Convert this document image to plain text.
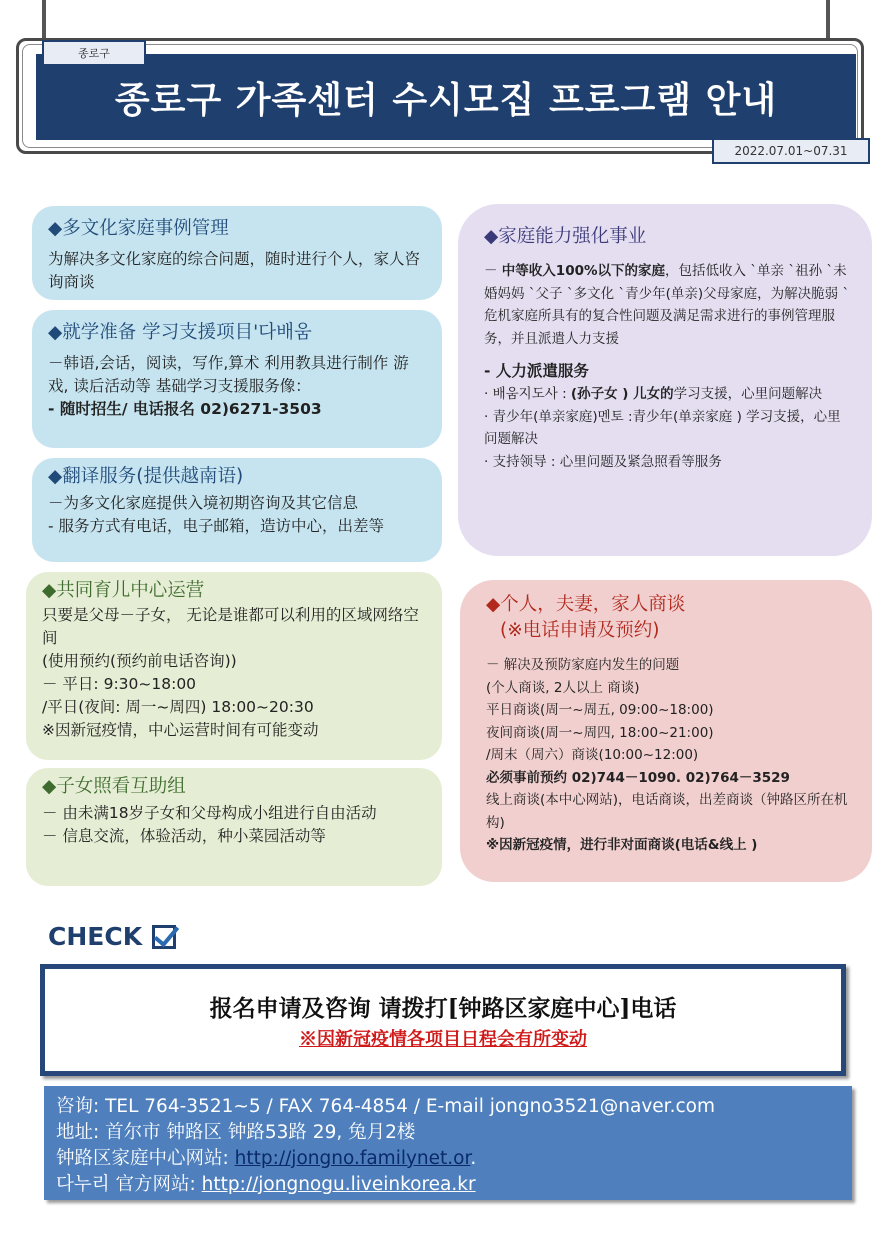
종로구 가족센터 수시모집 프로그램 안내
종로구
2022.07.01~07.31
◆多文化家庭事例管理

为解决多文化家庭的综合问题，随时进行个人，家人咨询商谈

◆就学准备 学习支援项目'다배움

－韩语,会话，阅读，写作,算术 利用教具进行制作 游戏, 读后活动等 基础学习支援服务像：

- 随时招生/ 电话报名 02)6271-3503

◆翻译服务(提供越南语)

－为多文化家庭提供入境初期咨询及其它信息

- 服务方式有电话，电子邮箱，造访中心，出差等

◆共同育儿中心运营

只要是父母－子女， 无论是谁都可以利用的区域网络空间

(使用预约(预约前电话咨询))

－ 平日: 9:30~18:00

/平日(夜间: 周一~周四) 18:00~20:30

※因新冠疫情，中心运营时间有可能变动

◆子女照看互助组

－ 由未满18岁子女和父母构成小组进行自由活动

－ 信息交流，体验活动，种小菜园活动等

◆家庭能力强化事业

－ 中等收入100%以下的家庭，包括低收入 `单亲 `祖孙 `未婚妈妈 `父子 `多文化 `青少年(单亲)父母家庭，为解决脆弱 `危机家庭所具有的复合性问题及满足需求进行的事例管理服务，并且派遣人力支援

- 人力派遣服务

· 배움지도사 : (孙子女 ) 儿女的学习支援，心里问题解决

· 青少年(单亲家庭)멘토 :青少年(单亲家庭 ) 学习支援，心里问题解决

· 支持领导 : 心里问题及紧急照看等服务

◆个人，夫妻，家人商谈
(※电话申请及预约)

－ 解决及预防家庭内发生的问题

(个人商谈, 2人以上 商谈)

平日商谈(周一~周五, 09:00~18:00)

夜间商谈(周一~周四, 18:00~21:00)

/周末（周六）商谈(10:00~12:00)

必须事前预约 02)744－1090. 02)764－3529

线上商谈(本中心网站)，电话商谈，出差商谈（钟路区所在机构)

※因新冠疫情，进行非对面商谈(电话&线上 )

CHECK
报名申请及咨询 请拨打[钟路区家庭中心]电话
※因新冠疫情各项目日程会有所变动
咨询: TEL 764-3521~5 / FAX 764-4854 / E-mail jongno3521@naver.com
地址: 首尔市 钟路区 钟路53路 29, 兔月2楼
钟路区家庭中心网站: http://jongno.familynet.or.
다누리 官方网站: http://jongnogu.liveinkorea.kr
